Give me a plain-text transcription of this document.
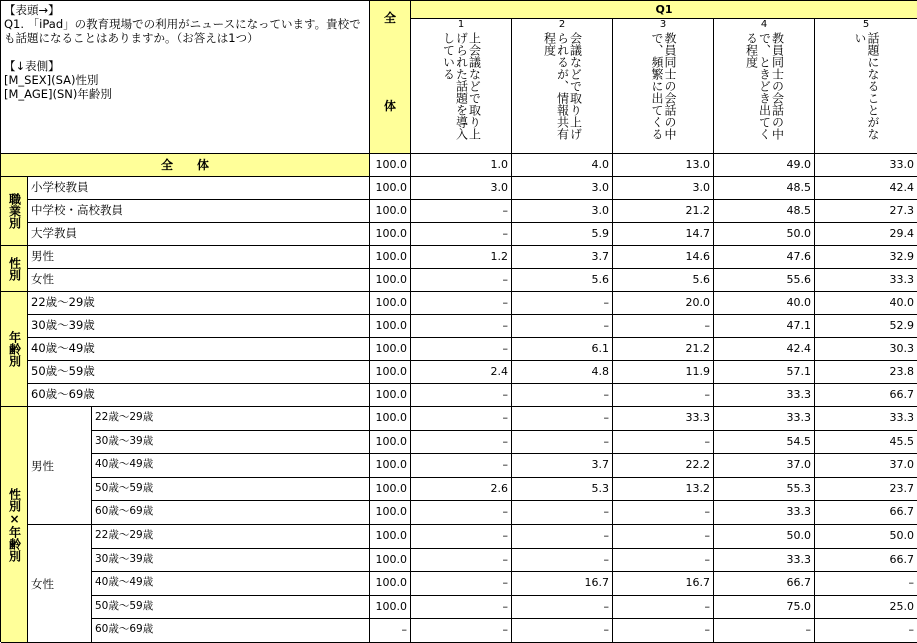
【表頭→】
Q1. 「iPad」の教育現場での利用がニュースになっています。貴校でも話題になることはありますか。（お答えは1つ）

【↓表側】
[M_SEX](SA)性別
[M_AGE](SN)年齢別
全

体
Q1
1
上会議などで取り上げられた話題を導入している
2
会議などで取り上げられるが、情報共有程度
3
教員同士の会話の中で、頻繁に出てくる
4
教員同士の会話の中で、ときどき出てくる程度
5
話題になることがない
全　　体	100.0	1.0	4.0	13.0	49.0	33.0
職業別
小学校教員	100.0	3.0	3.0	3.0	48.5	42.4
中学校・高校教員	100.0	–	3.0	21.2	48.5	27.3
大学教員	100.0	–	5.9	14.7	50.0	29.4
性別
男性	100.0	1.2	3.7	14.6	47.6	32.9
女性	100.0	–	5.6	5.6	55.6	33.3
年齢別
22歳～29歳	100.0	–	–	20.0	40.0	40.0
30歳～39歳	100.0	–	–	–	47.1	52.9
40歳～49歳	100.0	–	6.1	21.2	42.4	30.3
50歳～59歳	100.0	2.4	4.8	11.9	57.1	23.8
60歳～69歳	100.0	–	–	–	33.3	66.7
性別×年齢別
男性
22歳～29歳	100.0	–	–	33.3	33.3	33.3
30歳～39歳	100.0	–	–	–	54.5	45.5
40歳～49歳	100.0	–	3.7	22.2	37.0	37.0
50歳～59歳	100.0	2.6	5.3	13.2	55.3	23.7
60歳～69歳	100.0	–	–	–	33.3	66.7
女性
22歳～29歳	100.0	–	–	–	50.0	50.0
30歳～39歳	100.0	–	–	–	33.3	66.7
40歳～49歳	100.0	–	16.7	16.7	66.7	–
50歳～59歳	100.0	–	–	–	75.0	25.0
60歳～69歳	–	–	–	–	–	–
